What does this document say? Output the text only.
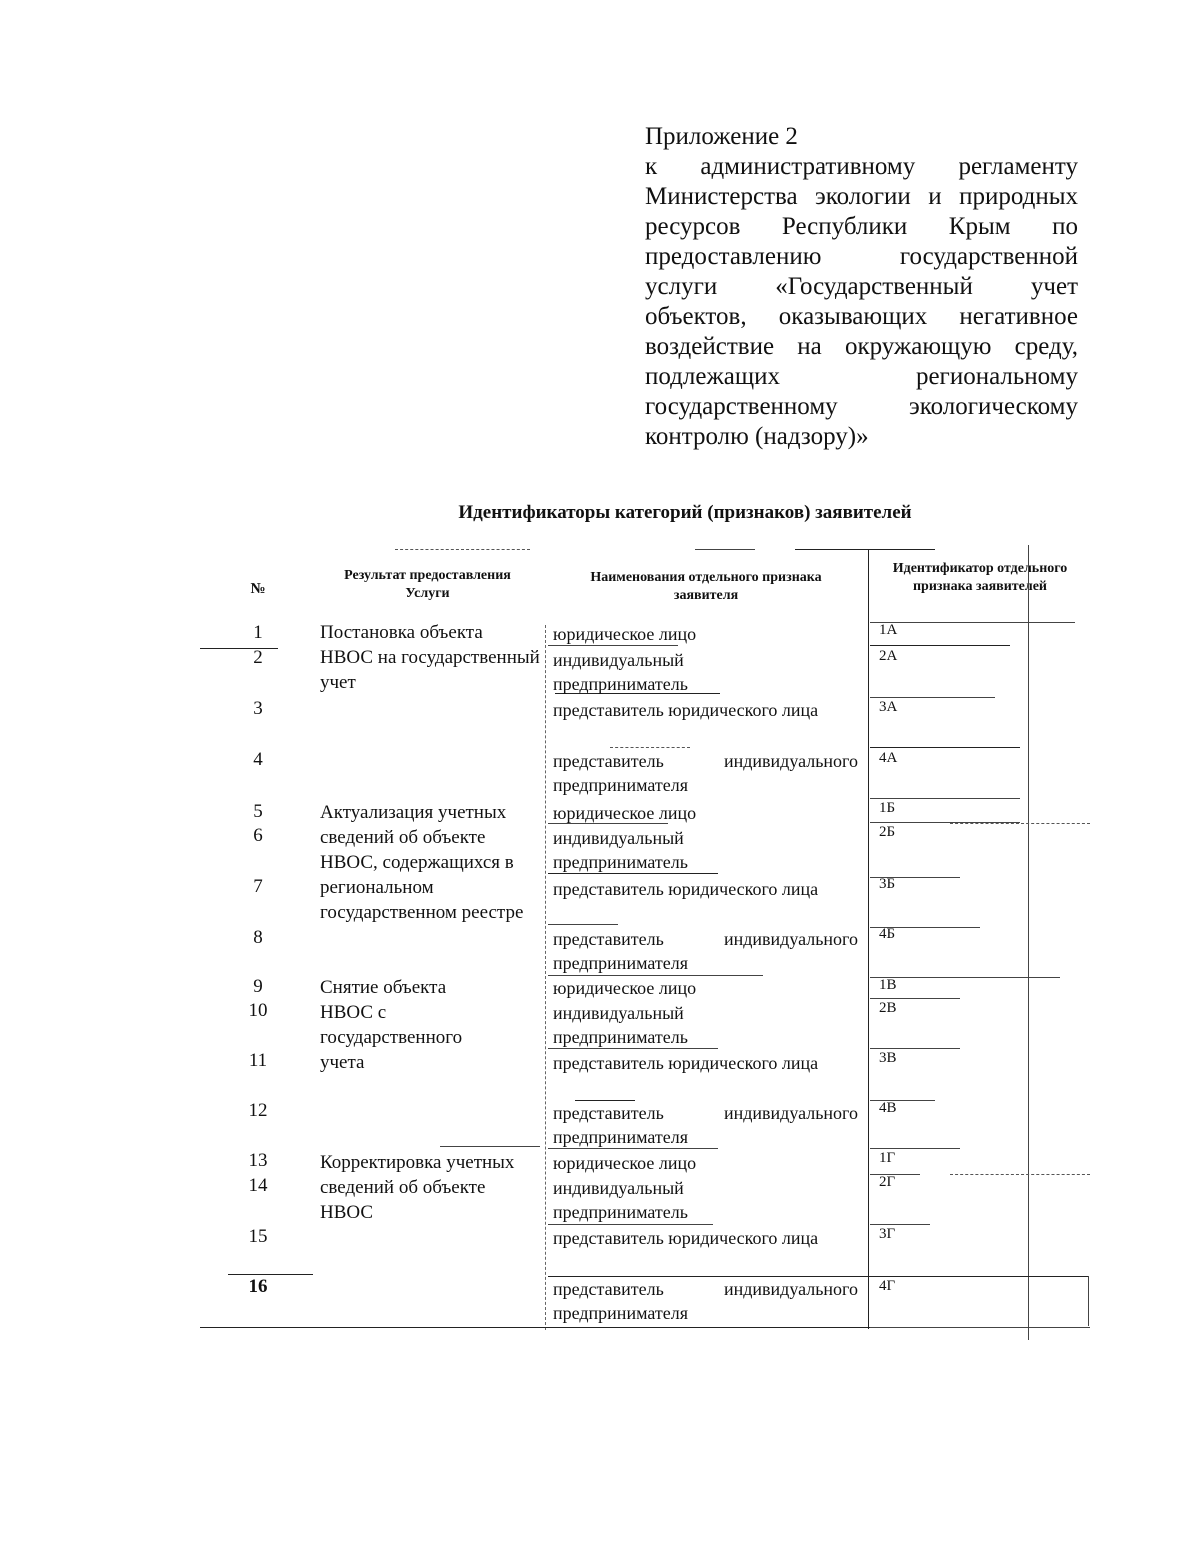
Приложение 2
к административному регламенту Министерства экологии и природных ресурсов Республики Крым по предоставлению государственной услуги «Государственный учет объектов, оказывающих негативное воздействие на окружающую среду, подлежащих региональному государственному экологическому контролю (надзору)»
Идентификаторы категорий (признаков) заявителей
№
Результат предоставления Услуги
Наименования отдельного признака заявителя
Идентификатор отдельного признака заявителей
Постановка объекта НВОС на государственный учет
Актуализация учетных сведений об объекте НВОС, содержащихся в региональном государственном реестре
Снятие объекта НВОС с государственного учета
Корректировка учетных сведений об объекте НВОС
1
2
3
4
5
6
7
8
9
10
11
12
13
14
15
16
юридическое лицо
индивидуальный предприниматель
представитель юридического лица
представитель индивидуального предпринимателя
юридическое лицо
индивидуальный предприниматель
представитель юридического лица
представитель индивидуального предпринимателя
юридическое лицо
индивидуальный предприниматель
представитель юридического лица
представитель индивидуального предпринимателя
юридическое лицо
индивидуальный предприниматель
представитель юридического лица
представитель индивидуального предпринимателя
1А
2А
3А
4А
1Б
2Б
3Б
4Б
1В
2В
3В
4В
1Г
2Г
3Г
4Г
